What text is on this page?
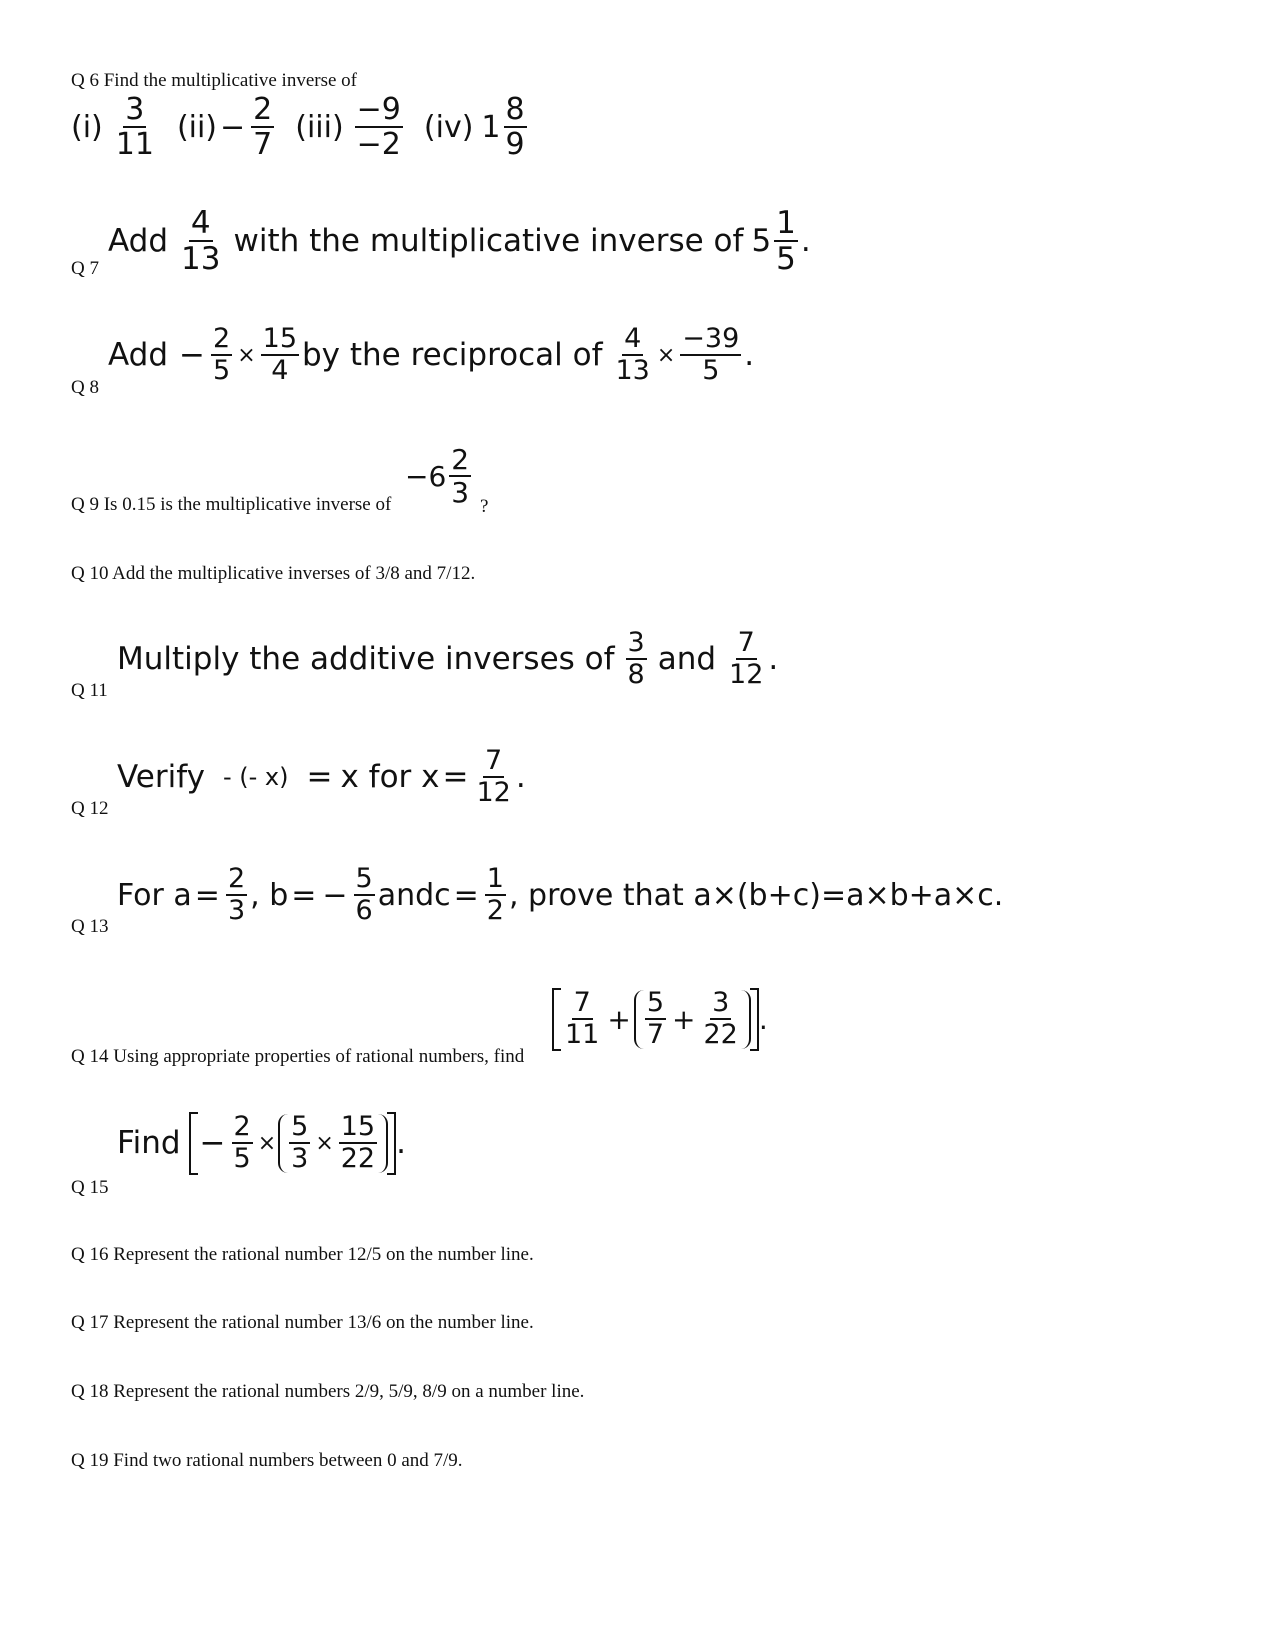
Q 6 Find the multiplicative inverse of
$(i) \frac{3}{11} (ii) - \frac{2}{7} (iii) \frac{-9}{-2} (iv)$ $1 \frac{8}{9}$
Add $\frac{4}{13}$ with the multiplicative inverse of $5 \frac{1}{5}$ .
Q 7
Add − $\frac{2}{5} \times \frac{15}{4}$ by the reciprocal of $\frac{4}{13} \times \frac{-39}{5}$ .
Q 8
Q 9 Is 0.15 is the multiplicative inverse of
$-6 \frac{2}{3}$ ?
Q 10 Add the multiplicative inverses of 3/8 and 7/12.
Multiply the additive inverses of $\frac{3}{8}$ and $\frac{7}{12}$ .
Q 11
Verify - (- x) = x for $x = \frac{7}{12}$ .
Q 12
For $a = \frac{2}{3}$ , b = − $\frac{5}{6}$ andc = $\frac{1}{2}$ , prove that a×(b+c)=a×b+a×c.
Q 13
Q 14 Using appropriate properties of rational numbers, find
$\frac{7}{11} + \frac{5}{7} + \frac{3}{22}$ .
Find − $\frac{2}{5} \times \frac{5}{3} \times \frac{15}{22}$ .
Q 15
Q 16 Represent the rational number 12/5 on the number line.
Q 17 Represent the rational number 13/6 on the number line.
Q 18 Represent the rational numbers 2/9, 5/9, 8/9 on a number line.
Q 19 Find two rational numbers between 0 and 7/9.
